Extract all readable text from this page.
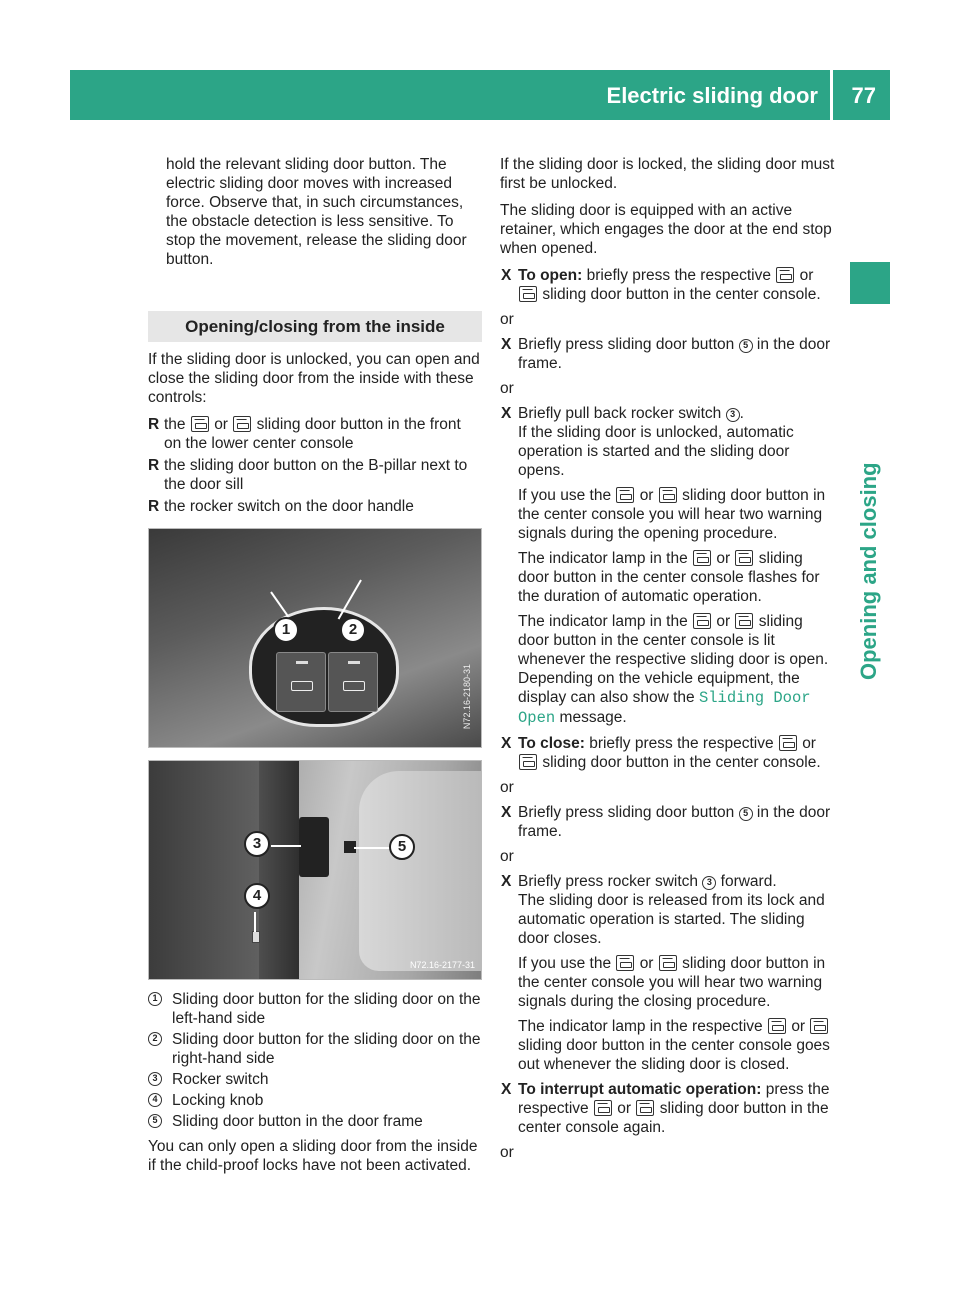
Electric sliding door 77
Opening and closing
hold the relevant sliding door button. The
electric sliding door moves with increased
force. Observe that, in such circumstances,
the obstacle detection is less sensitive. To
stop the movement, release the sliding door
button.
Opening/closing from the inside

If the sliding door is unlocked, you can open and close the sliding door from the inside with these controls:

R the or sliding door button in the front on the lower center console
R the sliding door button on the B-pillar next to the door sill
R the rocker switch on the door handle
1	2
N72.16-2180-31
3
4
5
N72.16-2177-31
1 Sliding door button for the sliding door on the left-hand side
2 Sliding door button for the sliding door on the right-hand side
3 Rocker switch
4 Locking knob
5 Sliding door button in the door frame

You can only open a sliding door from the inside if the child-proof locks have not been activated.

If the sliding door is locked, the sliding door must first be unlocked.

The sliding door is equipped with an active retainer, which engages the door at the end stop when opened.

X To open: briefly press the respective or  sliding door button in the center console.
or
X Briefly press sliding door button 5 in the door frame.
or
X Briefly pull back rocker switch 3 .
If the sliding door is unlocked, automatic operation is started and the sliding door opens.
If you use the or sliding door button in the center console you will hear two warning signals during the opening procedure.
The indicator lamp in the or sliding door button in the center console flashes for the duration of automatic operation.
The indicator lamp in the or sliding door button in the center console is lit whenever the respective sliding door is open. Depending on the vehicle equipment, the display can also show the Sliding Door Open message.
X To close: briefly press the respective or  sliding door button in the center console.
or
X Briefly press sliding door button 5 in the door frame.
or
X Briefly press rocker switch 3 forward.
The sliding door is released from its lock and automatic operation is started. The sliding door closes.
If you use the or sliding door button in the center console you will hear two warning signals during the closing procedure.
The indicator lamp in the respective or  sliding door button in the center console goes out whenever the sliding door is closed.
X To interrupt automatic operation: press the respective or sliding door button in the center console again.
or
